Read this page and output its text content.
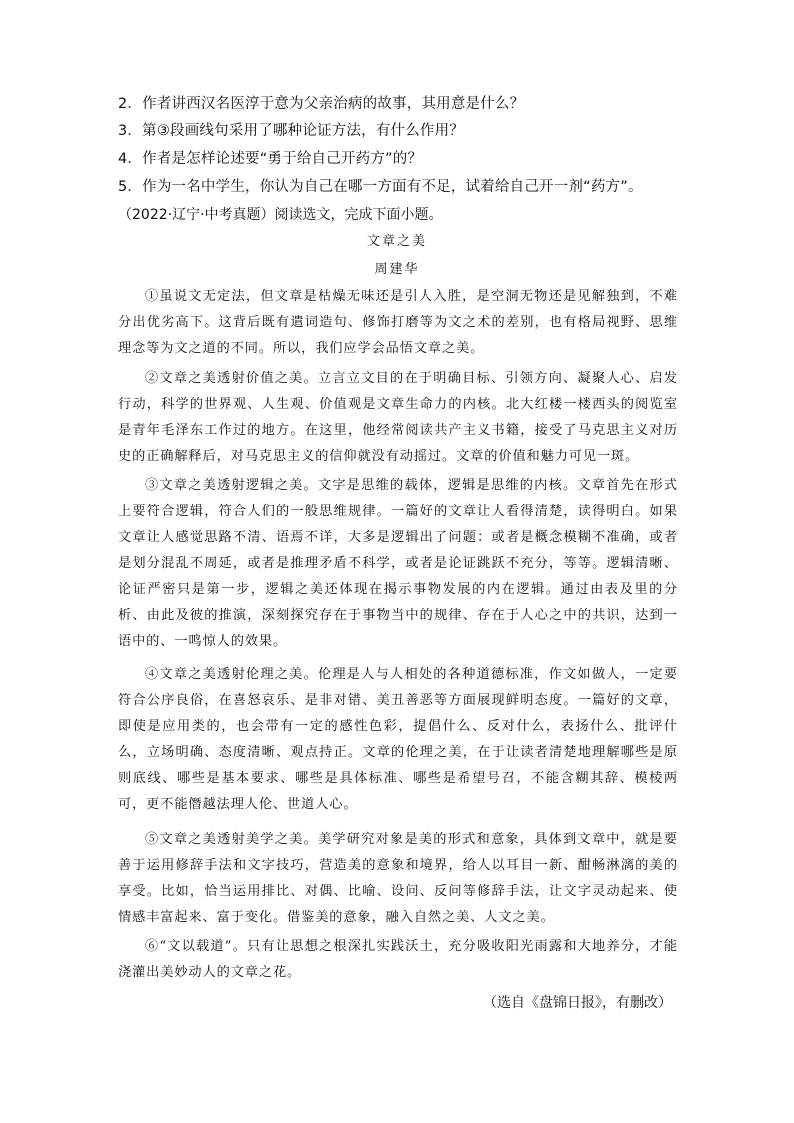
2．作者讲西汉名医淳于意为父亲治病的故事，其用意是什么？
3．第③段画线句采用了哪种论证方法，有什么作用？
4．作者是怎样论述要“勇于给自己开药方”的？
5．作为一名中学生，你认为自己在哪一方面有不足，试着给自己开一剂“药方”。
（2022·辽宁·中考真题）阅读选文，完成下面小题。
文章之美
周建华
①虽说文无定法，但文章是枯燥无味还是引人入胜，是空洞无物还是见解独到，不难分出优劣高下。这背后既有遣词造句、修饰打磨等为文之术的差别，也有格局视野、思维理念等为文之道的不同。所以，我们应学会品悟文章之美。
②文章之美透射价值之美。立言立文目的在于明确目标、引领方向、凝聚人心、启发行动，科学的世界观、人生观、价值观是文章生命力的内核。北大红楼一楼西头的阅览室是青年毛泽东工作过的地方。在这里，他经常阅读共产主义书籍，接受了马克思主义对历史的正确解释后，对马克思主义的信仰就没有动摇过。文章的价值和魅力可见一斑。
③文章之美透射逻辑之美。文字是思维的载体，逻辑是思维的内核。文章首先在形式上要符合逻辑，符合人们的一般思维规律。一篇好的文章让人看得清楚，读得明白。如果文章让人感觉思路不清、语焉不详，大多是逻辑出了问题：或者是概念模糊不准确，或者是划分混乱不周延，或者是推理矛盾不科学，或者是论证跳跃不充分，等等。逻辑清晰、论证严密只是第一步，逻辑之美还体现在揭示事物发展的内在逻辑。通过由表及里的分析、由此及彼的推演，深刻探究存在于事物当中的规律、存在于人心之中的共识，达到一语中的、一鸣惊人的效果。
④文章之美透射伦理之美。伦理是人与人相处的各种道德标准，作文如做人，一定要符合公序良俗，在喜怒哀乐、是非对错、美丑善恶等方面展现鲜明态度。一篇好的文章，即使是应用类的，也会带有一定的感性色彩，提倡什么、反对什么，表扬什么、批评什么，立场明确、态度清晰、观点持正。文章的伦理之美，在于让读者清楚地理解哪些是原则底线、哪些是基本要求、哪些是具体标准、哪些是希望号召，不能含糊其辞、模棱两可，更不能僭越法理人伦、世道人心。
⑤文章之美透射美学之美。美学研究对象是美的形式和意象，具体到文章中，就是要善于运用修辞手法和文字技巧，营造美的意象和境界，给人以耳目一新、酣畅淋漓的美的享受。比如，恰当运用排比、对偶、比喻、设问、反问等修辞手法，让文字灵动起来、使情感丰富起来、富于变化。借鉴美的意象，融入自然之美、人文之美。
⑥“文以载道”。只有让思想之根深扎实践沃土，充分吸收阳光雨露和大地养分，才能浇灌出美妙动人的文章之花。
（选自《盘锦日报》，有删改）
